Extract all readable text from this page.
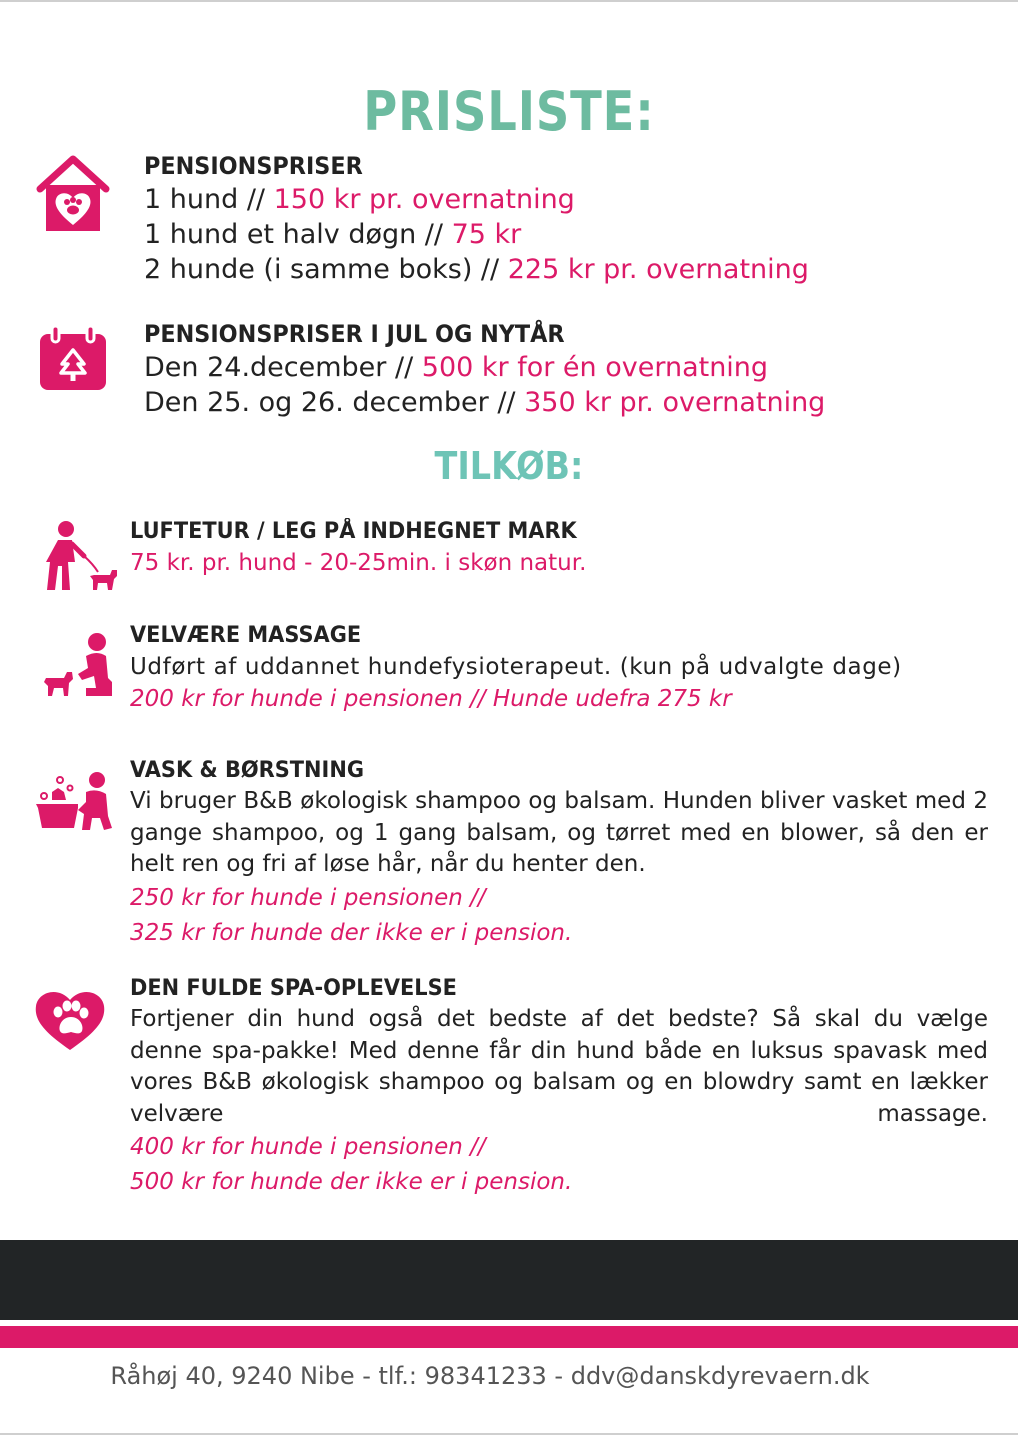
PRISLISTE:
PENSIONSPRISER
1 hund // 150 kr pr. overnatning
1 hund et halv døgn // 75 kr
2 hunde (i samme boks) // 225 kr pr. overnatning
PENSIONSPRISER I JUL OG NYTÅR
Den 24.december // 500 kr for én overnatning
Den 25. og 26. december // 350 kr pr. overnatning
TILKØB:
LUFTETUR / LEG PÅ INDHEGNET MARK
75 kr. pr. hund - 20-25min. i skøn natur.
VELVÆRE MASSAGE
Udført af uddannet hundefysioterapeut. (kun på udvalgte dage)
200 kr for hunde i pensionen // Hunde udefra 275 kr
VASK & BØRSTNING
Vi bruger B&B økologisk shampoo og balsam. Hunden bliver vasket med 2 gange shampoo, og 1 gang balsam, og tørret med en blower, så den er helt ren og fri af løse hår, når du henter den.
250 kr for hunde i pensionen //
325 kr for hunde der ikke er i pension.
DEN FULDE SPA-OPLEVELSE
Fortjener din hund også det bedste af det bedste? Så skal du vælge denne spa-pakke! Med denne får din hund både en luksus spavask med vores B&B økologisk shampoo og balsam og en blowdry samt en lækker velvære massage.
400 kr for hunde i pensionen //
500 kr for hunde der ikke er i pension.
Råhøj 40, 9240 Nibe - tlf.: 98341233 - ddv@danskdyrevaern.dk
